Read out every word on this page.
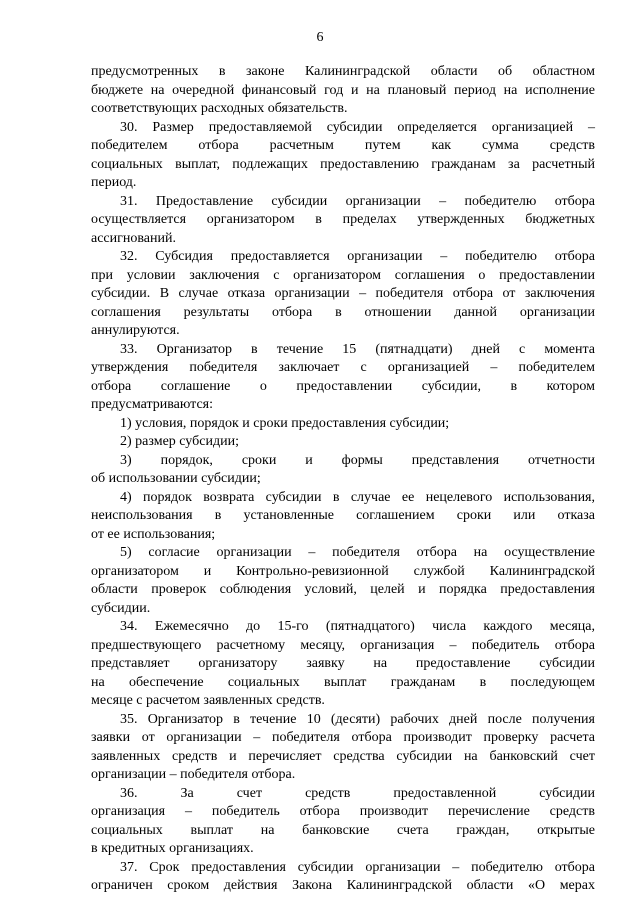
6
предусмотренных в законе Калининградской области об областном
бюджете на очередной финансовый год и на плановый период на исполнение
соответствующих расходных обязательств.
30. Размер предоставляемой субсидии определяется организацией –
победителем отбора расчетным путем как сумма средств
социальных выплат, подлежащих предоставлению гражданам за расчетный
период.
31. Предоставление субсидии организации – победителю отбора
осуществляется организатором в пределах утвержденных бюджетных
ассигнований.
32. Субсидия предоставляется организации – победителю отбора
при условии заключения с организатором соглашения о предоставлении
субсидии. В случае отказа организации – победителя отбора от заключения
соглашения результаты отбора в отношении данной организации
аннулируются.
33. Организатор в течение 15 (пятнадцати) дней с момента
утверждения победителя заключает с организацией – победителем
отбора соглашение о предоставлении субсидии, в котором
предусматриваются:
1) условия, порядок и сроки предоставления субсидии;
2) размер субсидии;
3) порядок, сроки и формы представления отчетности
об использовании субсидии;
4) порядок возврата субсидии в случае ее нецелевого использования,
неиспользования в установленные соглашением сроки или отказа
от ее использования;
5) согласие организации – победителя отбора на осуществление
организатором и Контрольно-ревизионной службой Калининградской
области проверок соблюдения условий, целей и порядка предоставления
субсидии.
34. Ежемесячно до 15-го (пятнадцатого) числа каждого месяца,
предшествующего расчетному месяцу, организация – победитель отбора
представляет организатору заявку на предоставление субсидии
на обеспечение социальных выплат гражданам в последующем
месяце с расчетом заявленных средств.
35. Организатор в течение 10 (десяти) рабочих дней после получения
заявки от организации – победителя отбора производит проверку расчета
заявленных средств и перечисляет средства субсидии на банковский счет
организации – победителя отбора.
36. За счет средств предоставленной субсидии
организация – победитель отбора производит перечисление средств
социальных выплат на банковские счета граждан, открытые
в кредитных организациях.
37. Срок предоставления субсидии организации – победителю отбора
ограничен сроком действия Закона Калининградской области «О мерах
